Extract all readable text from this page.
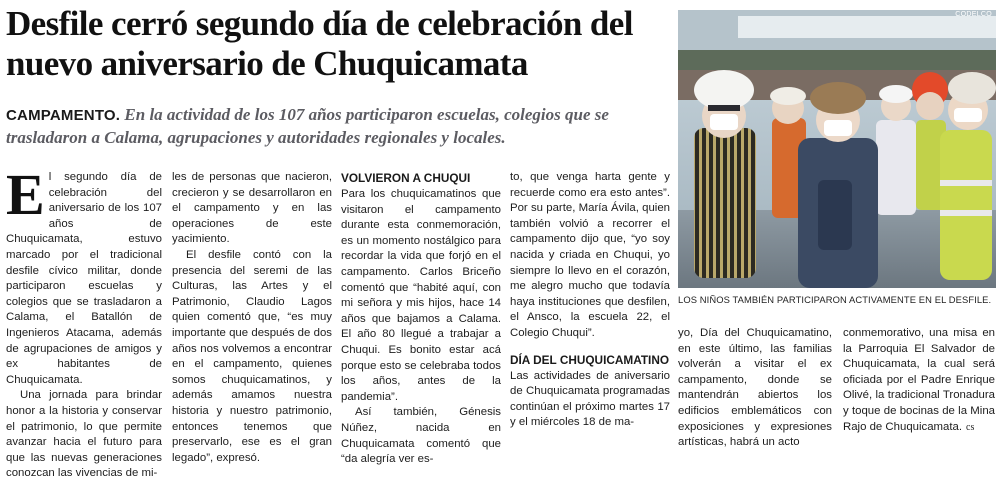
Desfile cerró segundo día de celebración del nuevo aniversario de Chuquicamata

CAMPAMENTO. En la actividad de los 107 años participaron escuelas, colegios que se trasladaron a Calama, agrupaciones y autoridades regionales y locales.

E l segundo día de celebración del aniversario de los 107 años de Chuquicamata, estuvo marcado por el tradicional desfile cívico militar, donde participaron escuelas y colegios que se trasladaron a Calama, el Batallón de Ingenieros Atacama, además de agrupaciones de amigos y ex habitantes de Chuquicamata.

Una jornada para brindar honor a la historia y conservar el patrimonio, lo que permite avanzar hacia el futuro para que las nuevas generaciones conozcan las vivencias de mi-

les de personas que nacieron, crecieron y se desarrollaron en el campamento y en las operaciones de este yacimiento.

El desfile contó con la presencia del seremi de las Culturas, las Artes y el Patrimonio, Claudio Lagos quien comentó que, “es muy importante que después de dos años nos volvemos a encontrar en el campamento, quienes somos chuquicamatinos, y además amamos nuestra historia y nuestro patrimonio, entonces tenemos que preservarlo, ese es el gran legado”, expresó.

VOLVIERON A CHUQUI

Para los chuquicamatinos que visitaron el campamento durante esta conmemoración, es un momento nostálgico para recordar la vida que forjó en el campamento. Carlos Briceño comentó que “habité aquí, con mi señora y mis hijos, hace 14 años que bajamos a Calama. El año 80 llegué a trabajar a Chuqui. Es bonito estar acá porque esto se celebraba todos los años, antes de la pandemia”.

Así también, Génesis Núñez, nacida en Chuquicamata comentó que “da alegría ver es-

to, que venga harta gente y recuerde como era esto antes”. Por su parte, María Ávila, quien también volvió a recorrer el campamento dijo que, “yo soy nacida y criada en Chuqui, yo siempre lo llevo en el corazón, me alegro mucho que todavía haya instituciones que desfilen, el Ansco, la escuela 22, el Colegio Chuqui”.

DÍA DEL CHUQUICAMATINO

Las actividades de aniversario de Chuquicamata programadas continúan el próximo martes 17 y el miércoles 18 de ma-

yo, Día del Chuquicamatino, en este último, las familias volverán a visitar el ex campamento, donde se mantendrán abiertos los edificios emblemáticos con exposiciones y expresiones artísticas, habrá un acto

conmemorativo, una misa en la Parroquia El Salvador de Chuquicamata, la cual será oficiada por el Padre Enrique Olivé, la tradicional Tronadura y toque de bocinas de la Mina Rajo de Chuquicamata. cs

CODELCO
LOS NIÑOS TAMBIÉN PARTICIPARON ACTIVAMENTE EN EL DESFILE.
